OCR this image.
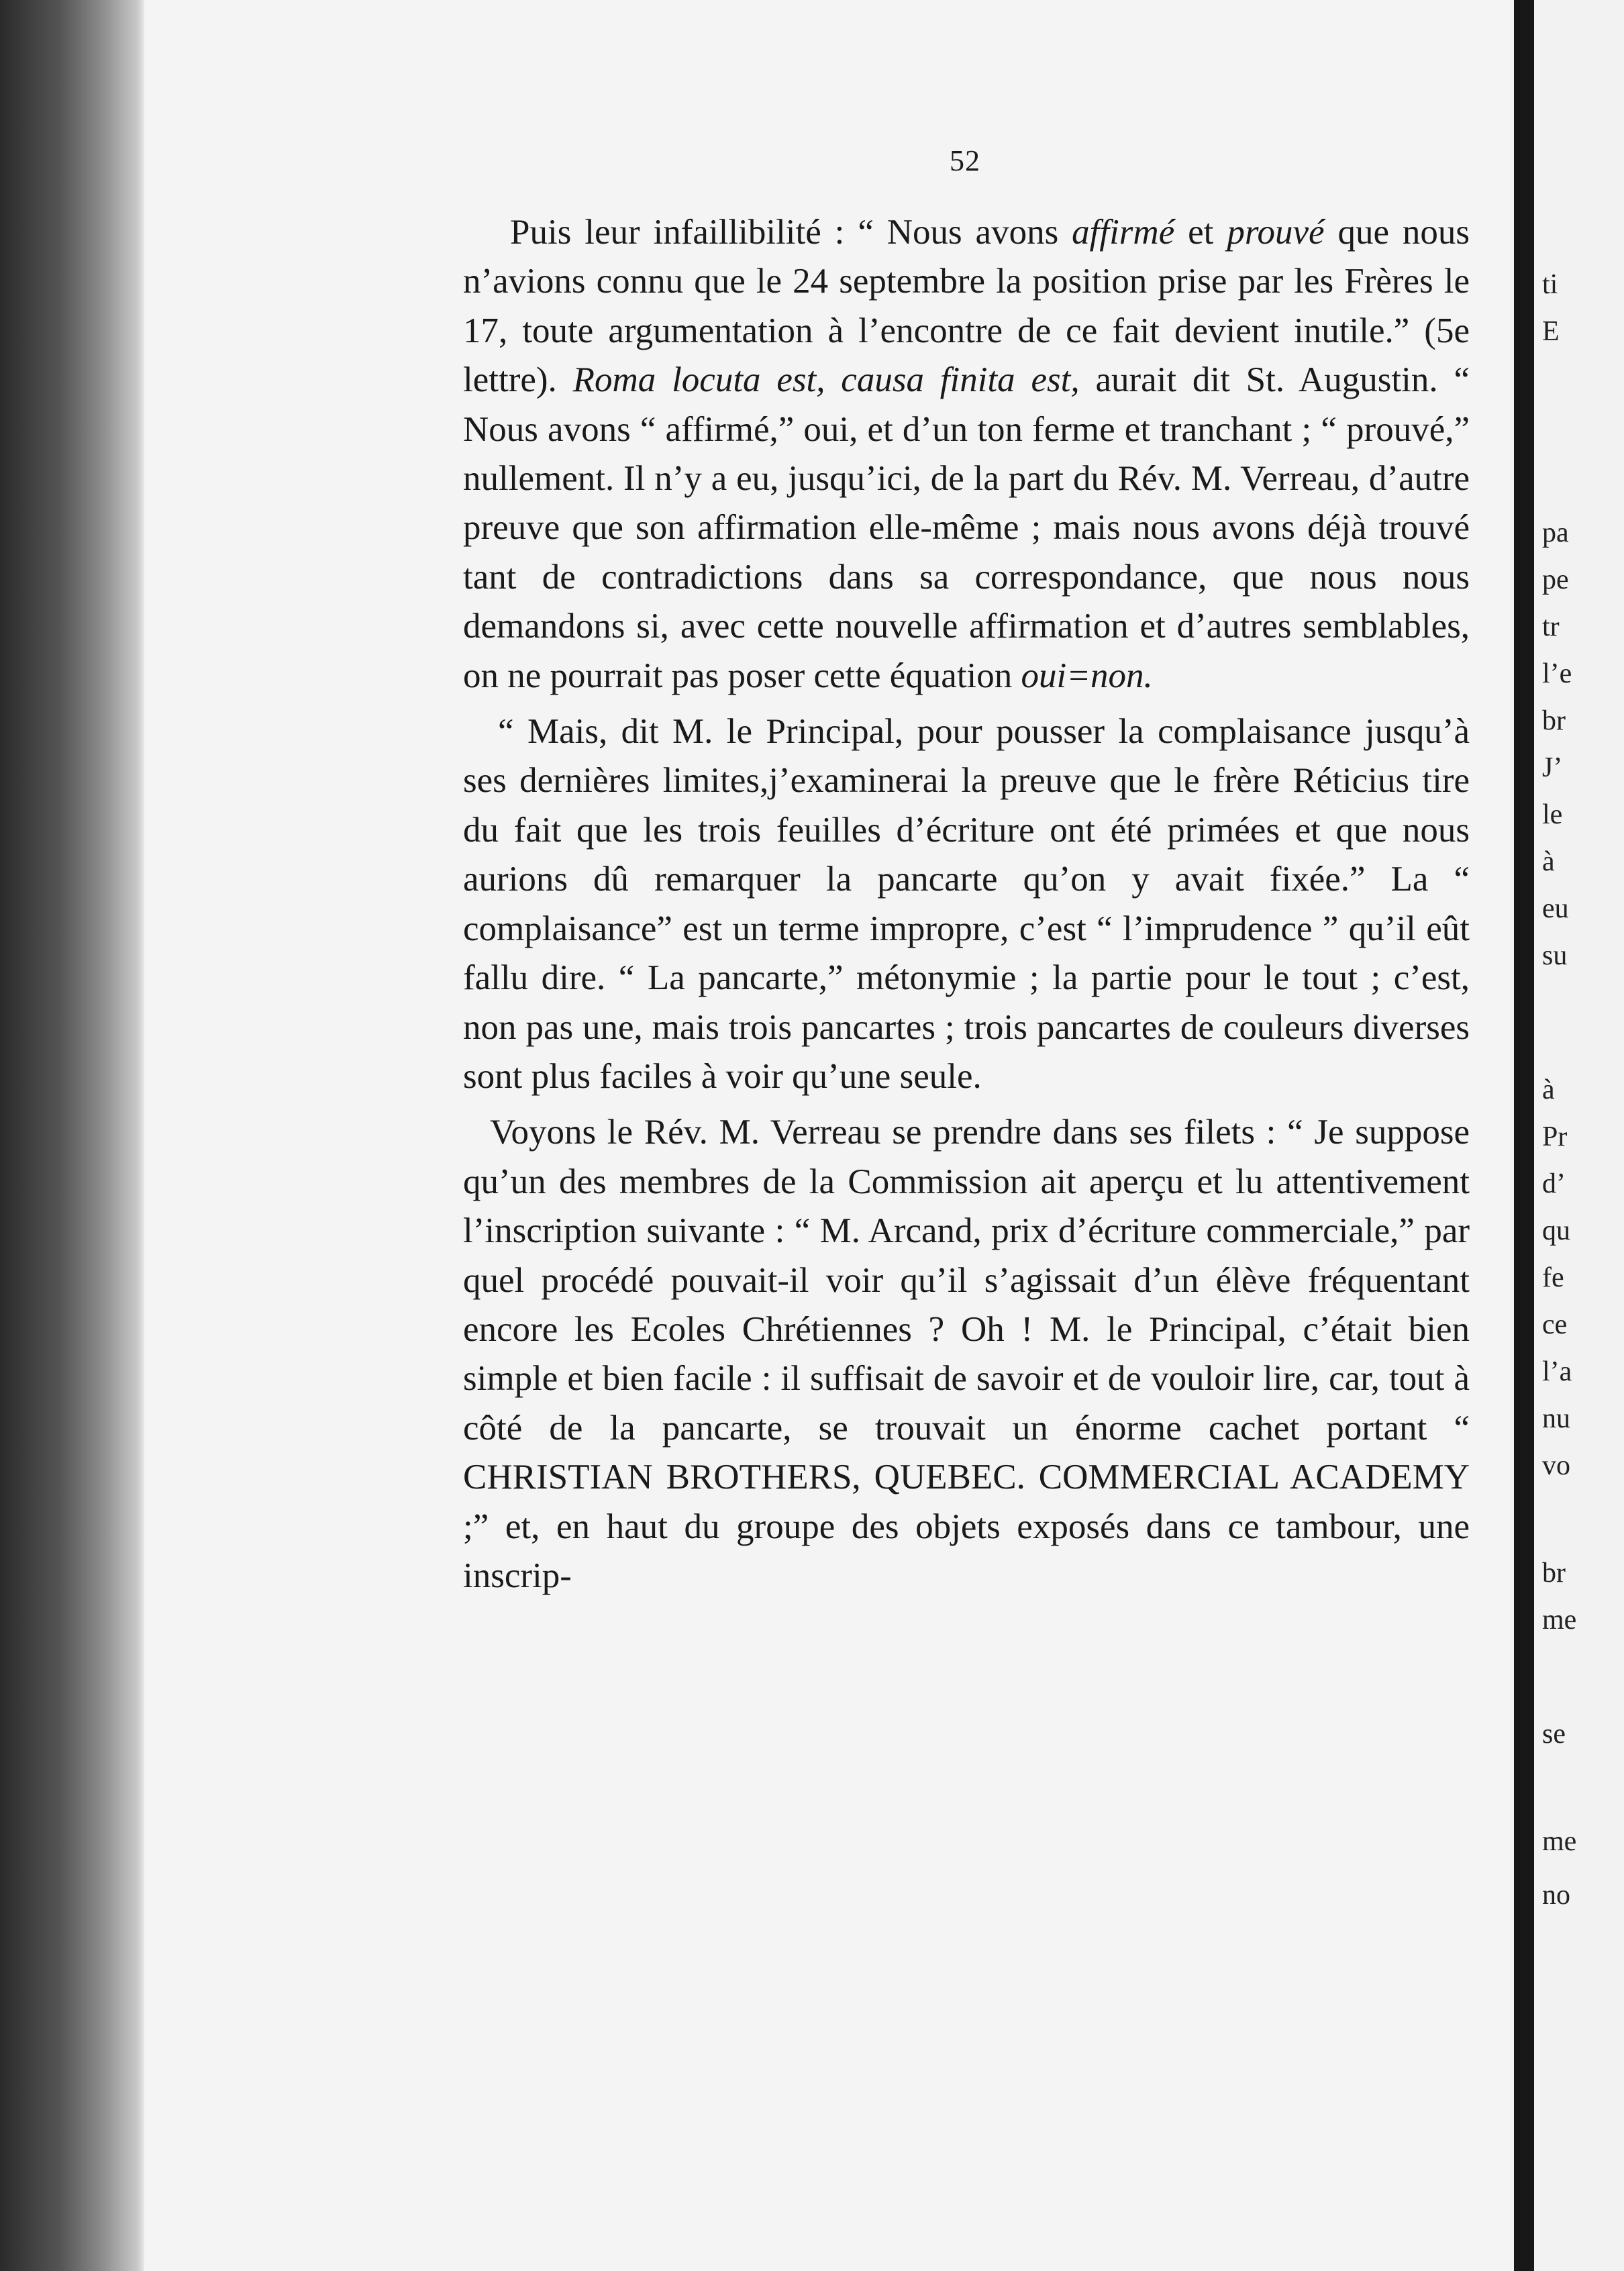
ti
E
pa
pe
tr
l’e
br
J’
le
à
eu
su
à
Pr
d’
qu
fe
ce
l’a
nu
vo
br
me
se
me
no
52

Puis leur infaillibilité : “ Nous avons affirmé et prouvé que nous n’avions connu que le 24 septembre la position prise par les Frères le 17, toute argumentation à l’encontre de ce fait devient inutile.” (5e lettre). Roma locuta est, causa finita est, aurait dit St. Augustin. “ Nous avons “ affirmé,” oui, et d’un ton ferme et tranchant ; “ prouvé,” nullement. Il n’y a eu, jusqu’ici, de la part du Rév. M. Verreau, d’autre preuve que son affirmation elle-même ; mais nous avons déjà trouvé tant de contradictions dans sa correspondance, que nous nous demandons si, avec cette nouvelle affirmation et d’autres semblables, on ne pourrait pas poser cette équation oui=non.

“ Mais, dit M. le Principal, pour pousser la complaisance jusqu’à ses dernières limites,j’examinerai la preuve que le frère Réticius tire du fait que les trois feuilles d’écriture ont été primées et que nous aurions dû remarquer la pancarte qu’on y avait fixée.” La “ complaisance” est un terme impropre, c’est “ l’imprudence ” qu’il eût fallu dire. “ La pancarte,” métonymie ; la partie pour le tout ; c’est, non pas une, mais trois pancartes ; trois pancartes de couleurs diverses sont plus faciles à voir qu’une seule.

Voyons le Rév. M. Verreau se prendre dans ses filets : “ Je suppose qu’un des membres de la Commission ait aperçu et lu attentivement l’inscription suivante : “ M. Arcand, prix d’écriture commerciale,” par quel procédé pouvait-il voir qu’il s’agissait d’un élève fréquentant encore les Ecoles Chrétiennes ? Oh ! M. le Principal, c’était bien simple et bien facile : il suffisait de savoir et de vouloir lire, car, tout à côté de la pancarte, se trouvait un énorme cachet portant “ CHRISTIAN BROTHERS, QUEBEC. COMMERCIAL ACADEMY ;” et, en haut du groupe des objets exposés dans ce tambour, une inscrip-
